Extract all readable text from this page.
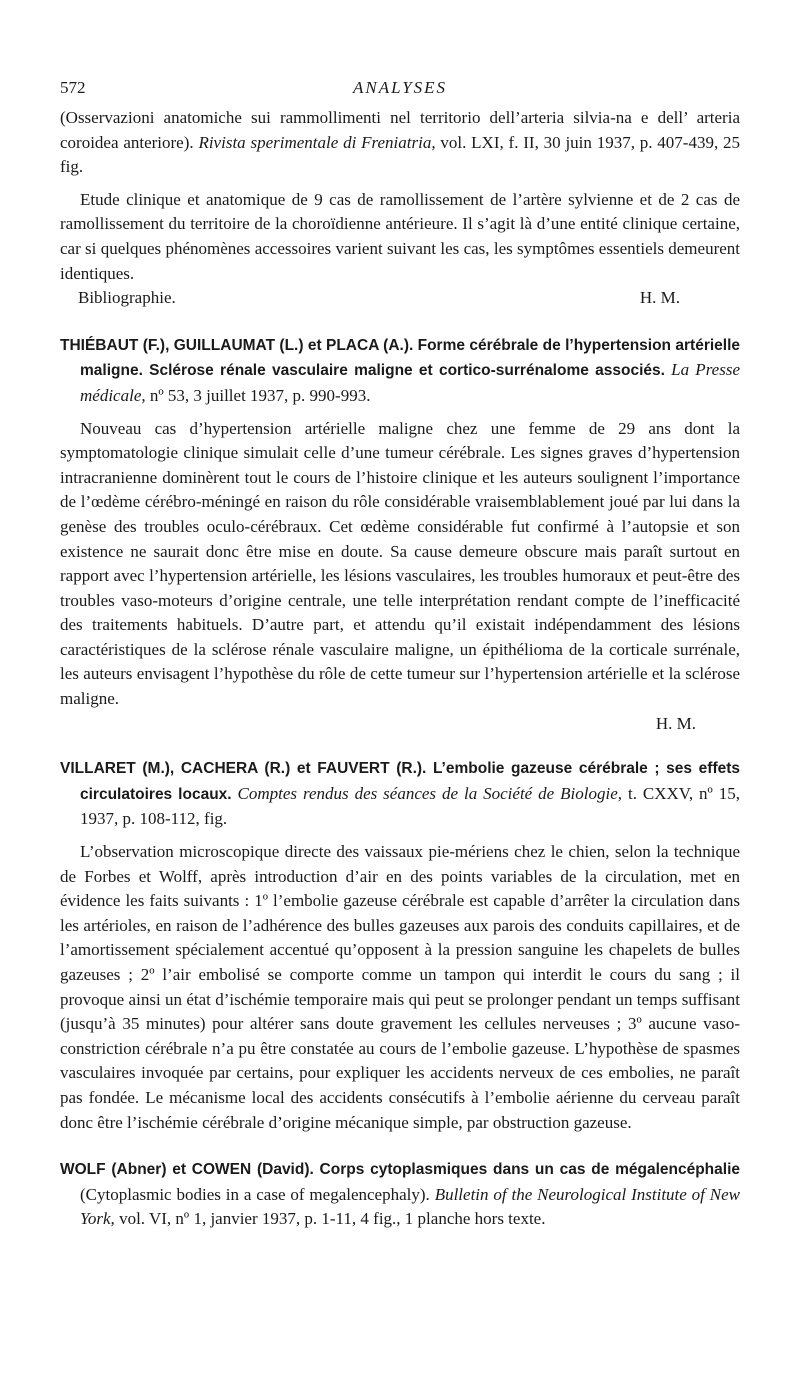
572	ANALYSES

(Osservazioni anatomiche sui rammollimenti nel territorio dell’arteria silvia-na e dell’ arteria coroidea anteriore). Rivista sperimentale di Freniatria, vol. LXI, f. II, 30 juin 1937, p. 407-439, 25 fig.

Etude clinique et anatomique de 9 cas de ramollissement de l’artère sylvienne et de 2 cas de ramollissement du territoire de la choroïdienne antérieure. Il s’agit là d’une entité clinique certaine, car si quelques phénomènes accessoires varient suivant les cas, les symptômes essentiels demeurent identiques.

Bibliographie.	H. M.

THIÉBAUT (F.), GUILLAUMAT (L.) et PLACA (A.). Forme cérébrale de l’hypertension artérielle maligne. Sclérose rénale vasculaire maligne et cortico-surrénalome associés. La Presse médicale, nº 53, 3 juillet 1937, p. 990-993.

Nouveau cas d’hypertension artérielle maligne chez une femme de 29 ans dont la symptomatologie clinique simulait celle d’une tumeur cérébrale. Les signes graves d’hypertension intracranienne dominèrent tout le cours de l’histoire clinique et les auteurs soulignent l’importance de l’œdème cérébro-méningé en raison du rôle considérable vraisemblablement joué par lui dans la genèse des troubles oculo-cérébraux. Cet œdème considérable fut confirmé à l’autopsie et son existence ne saurait donc être mise en doute. Sa cause demeure obscure mais paraît surtout en rapport avec l’hypertension artérielle, les lésions vasculaires, les troubles humoraux et peut-être des troubles vaso-moteurs d’origine centrale, une telle interprétation rendant compte de l’inefficacité des traitements habituels. D’autre part, et attendu qu’il existait indépendamment des lésions caractéristiques de la sclérose rénale vasculaire maligne, un épithélioma de la corticale surrénale, les auteurs envisagent l’hypothèse du rôle de cette tumeur sur l’hypertension artérielle et la sclérose maligne.

H. M.

VILLARET (M.), CACHERA (R.) et FAUVERT (R.). L’embolie gazeuse cérébrale ; ses effets circulatoires locaux. Comptes rendus des séances de la Société de Biologie, t. CXXV, nº 15, 1937, p. 108-112, fig.

L’observation microscopique directe des vaissaux pie-mériens chez le chien, selon la technique de Forbes et Wolff, après introduction d’air en des points variables de la circulation, met en évidence les faits suivants : 1º l’embolie gazeuse cérébrale est capable d’arrêter la circulation dans les artérioles, en raison de l’adhérence des bulles gazeuses aux parois des conduits capillaires, et de l’amortissement spécialement accentué qu’opposent à la pression sanguine les chapelets de bulles gazeuses ; 2º l’air embolisé se comporte comme un tampon qui interdit le cours du sang ; il provoque ainsi un état d’ischémie temporaire mais qui peut se prolonger pendant un temps suffisant (jusqu’à 35 minutes) pour altérer sans doute gravement les cellules nerveuses ; 3º aucune vaso-constriction cérébrale n’a pu être constatée au cours de l’embolie gazeuse. L’hypothèse de spasmes vasculaires invoquée par certains, pour expliquer les accidents nerveux de ces embolies, ne paraît pas fondée. Le mécanisme local des accidents consécutifs à l’embolie aérienne du cerveau paraît donc être l’ischémie cérébrale d’origine mécanique simple, par obstruction gazeuse.

WOLF (Abner) et COWEN (David). Corps cytoplasmiques dans un cas de mégalencéphalie (Cytoplasmic bodies in a case of megalencephaly). Bulletin of the Neurological Institute of New York, vol. VI, nº 1, janvier 1937, p. 1-11, 4 fig., 1 planche hors texte.
